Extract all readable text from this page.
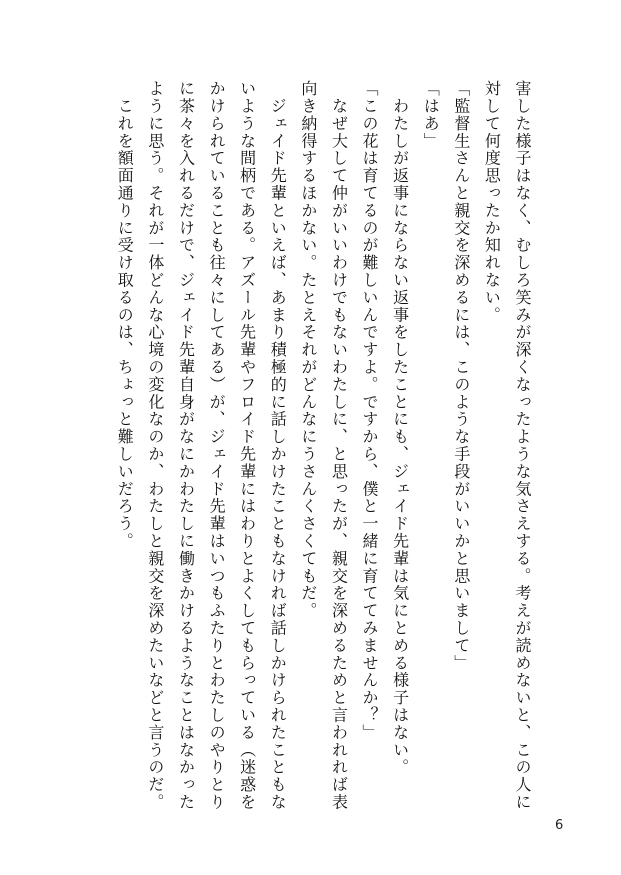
害した様子はなく、むしろ笑みが深くなったような気さえする。考えが読めないと、この人に
対して何度思ったか知れない。
「監督生さんと親交を深めるには、このような手段がいいかと思いまして」
「はあ」
　わたしが返事にならない返事をしたことにも、ジェイド先輩は気にとめる様子はない。
「この花は育てるのが難しいんですよ。ですから、僕と一緒に育ててみませんか？」
　なぜ大して仲がいいわけでもないわたしに、と思ったが、親交を深めるためと言われれば表
向き納得するほかない。たとえそれがどんなにうさんくさくてもだ。
　ジェイド先輩といえば、あまり積極的に話しかけたこともなければ話しかけられたこともな
いような間柄である。アズール先輩やフロイド先輩にはわりとよくしてもらっている（迷惑を
かけられていることも往々にしてある）が、ジェイド先輩はいつもふたりとわたしのやりとり
に茶々を入れるだけで、ジェイド先輩自身がなにかわたしに働きかけるようなことはなかった
ように思う。それが一体どんな心境の変化なのか、わたしと親交を深めたいなどと言うのだ。
　これを額面通りに受け取るのは、ちょっと難しいだろう。
6
